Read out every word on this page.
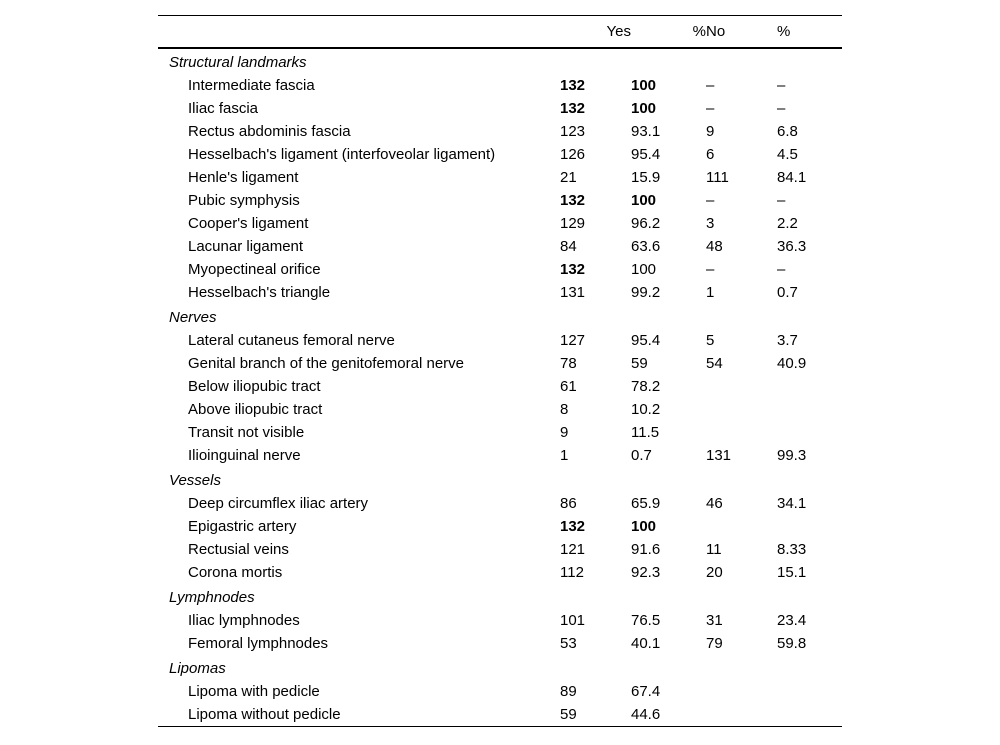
	Yes	%	No	%
Structural landmarks				
Intermediate fascia	132	100	–	–
Iliac fascia	132	100	–	–
Rectus abdominis fascia	123	93.1	9	6.8
Hesselbach's ligament (interfoveolar ligament)	126	95.4	6	4.5
Henle's ligament	21	15.9	111	84.1
Pubic symphysis	132	100	–	–
Cooper's ligament	129	96.2	3	2.2
Lacunar ligament	84	63.6	48	36.3
Myopectineal orifice	132	100	–	–
Hesselbach's triangle	131	99.2	1	0.7
Nerves				
Lateral cutaneus femoral nerve	127	95.4	5	3.7
Genital branch of the genitofemoral nerve	78	59	54	40.9
Below iliopubic tract	61	78.2		
Above iliopubic tract	8	10.2		
Transit not visible	9	11.5		
Ilioinguinal nerve	1	0.7	131	99.3
Vessels				
Deep circumflex iliac artery	86	65.9	46	34.1
Epigastric artery	132	100		
Rectusial veins	121	91.6	11	8.33
Corona mortis	112	92.3	20	15.1
Lymphnodes				
Iliac lymphnodes	101	76.5	31	23.4
Femoral lymphnodes	53	40.1	79	59.8
Lipomas				
Lipoma with pedicle	89	67.4		
Lipoma without pedicle	59	44.6		
